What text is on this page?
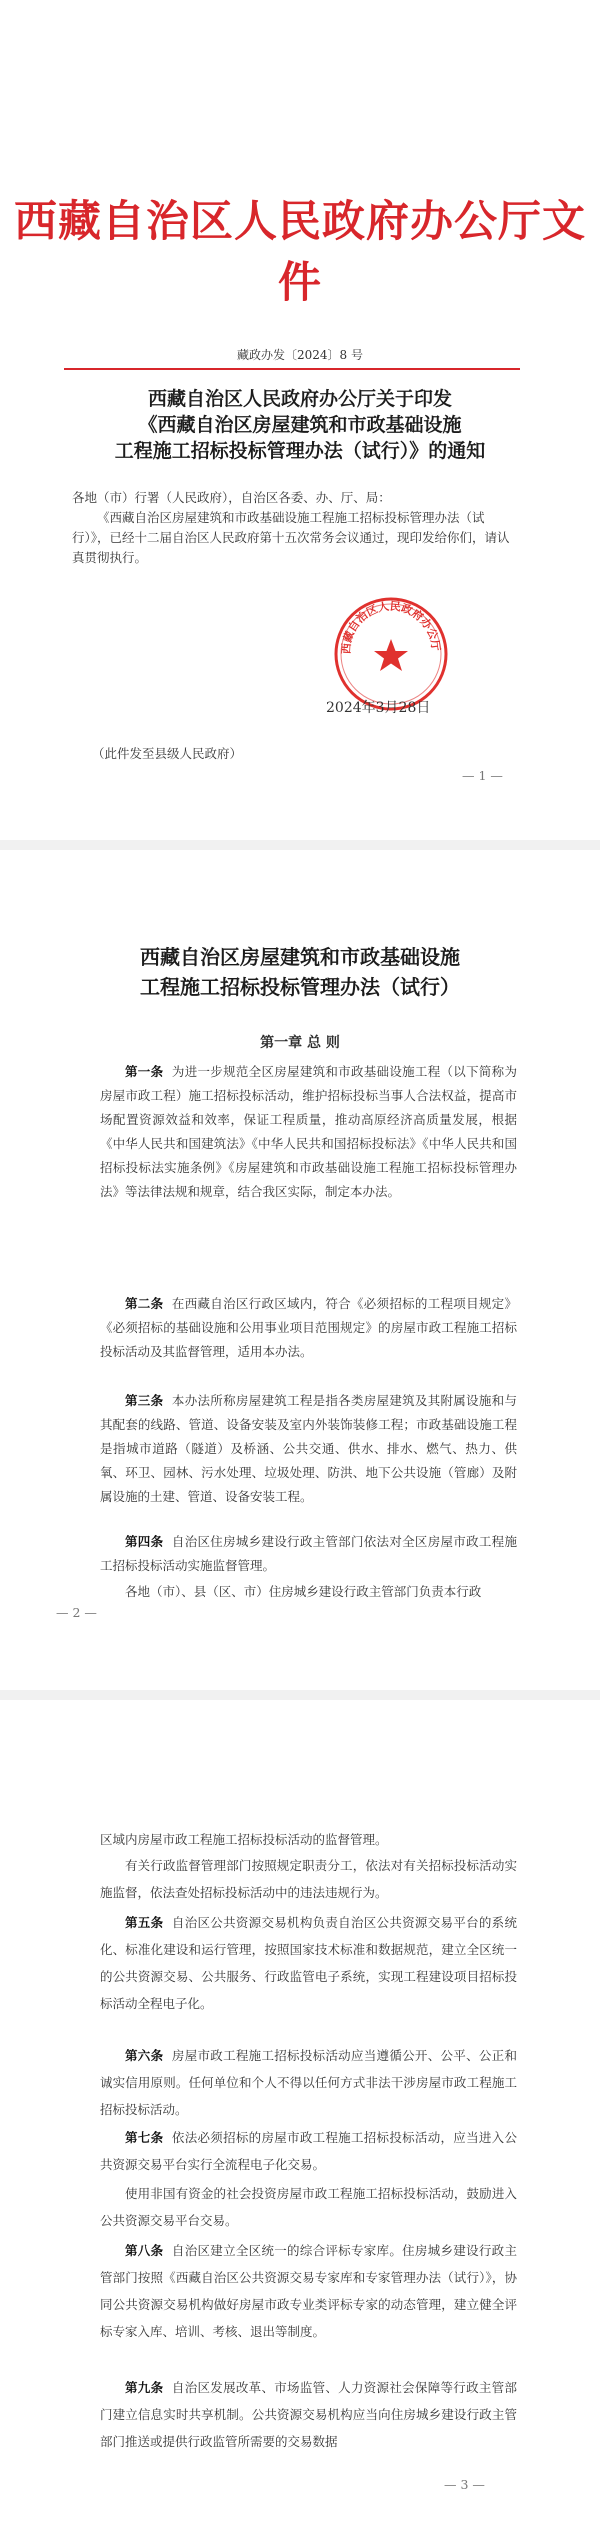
西藏自治区人民政府办公厅文件
藏政办发〔2024〕8 号
西藏自治区人民政府办公厅关于印发
《西藏自治区房屋建筑和市政基础设施
工程施工招标投标管理办法（试行）》的通知

各地（市）行署（人民政府），自治区各委、办、厅、局：

《西藏自治区房屋建筑和市政基础设施工程施工招标投标管理办法（试行）》，已经十二届自治区人民政府第十五次常务会议通过，现印发给你们，请认真贯彻执行。

西藏自治区人民政府办公厅
2024年3月28日
（此件发至县级人民政府）
— 1 —
西藏自治区房屋建筑和市政基础设施
工程施工招标投标管理办法（试行）
第一章 总 则
第一条 为进一步规范全区房屋建筑和市政基础设施工程（以下简称为房屋市政工程）施工招标投标活动，维护招标投标当事人合法权益，提高市场配置资源效益和效率，保证工程质量，推动高原经济高质量发展，根据《中华人民共和国建筑法》《中华人民共和国招标投标法》《中华人民共和国招标投标法实施条例》《房屋建筑和市政基础设施工程施工招标投标管理办法》等法律法规和规章，结合我区实际，制定本办法。
第二条 在西藏自治区行政区域内，符合《必须招标的工程项目规定》《必须招标的基础设施和公用事业项目范围规定》的房屋市政工程施工招标投标活动及其监督管理，适用本办法。
第三条 本办法所称房屋建筑工程是指各类房屋建筑及其附属设施和与其配套的线路、管道、设备安装及室内外装饰装修工程；市政基础设施工程是指城市道路（隧道）及桥涵、公共交通、供水、排水、燃气、热力、供氧、环卫、园林、污水处理、垃圾处理、防洪、地下公共设施（管廊）及附属设施的土建、管道、设备安装工程。
第四条 自治区住房城乡建设行政主管部门依法对全区房屋市政工程施工招标投标活动实施监督管理。
各地（市）、县（区、市）住房城乡建设行政主管部门负责本行政
— 2 —
区域内房屋市政工程施工招标投标活动的监督管理。
有关行政监督管理部门按照规定职责分工，依法对有关招标投标活动实施监督，依法查处招标投标活动中的违法违规行为。
第五条 自治区公共资源交易机构负责自治区公共资源交易平台的系统化、标准化建设和运行管理，按照国家技术标准和数据规范，建立全区统一的公共资源交易、公共服务、行政监管电子系统，实现工程建设项目招标投标活动全程电子化。
第六条 房屋市政工程施工招标投标活动应当遵循公开、公平、公正和诚实信用原则。任何单位和个人不得以任何方式非法干涉房屋市政工程施工招标投标活动。
第七条 依法必须招标的房屋市政工程施工招标投标活动，应当进入公共资源交易平台实行全流程电子化交易。
使用非国有资金的社会投资房屋市政工程施工招标投标活动，鼓励进入公共资源交易平台交易。
第八条 自治区建立全区统一的综合评标专家库。住房城乡建设行政主管部门按照《西藏自治区公共资源交易专家库和专家管理办法（试行）》，协同公共资源交易机构做好房屋市政专业类评标专家的动态管理，建立健全评标专家入库、培训、考核、退出等制度。
第九条 自治区发展改革、市场监管、人力资源社会保障等行政主管部门建立信息实时共享机制。公共资源交易机构应当向住房城乡建设行政主管部门推送或提供行政监管所需要的交易数据
— 3 —
